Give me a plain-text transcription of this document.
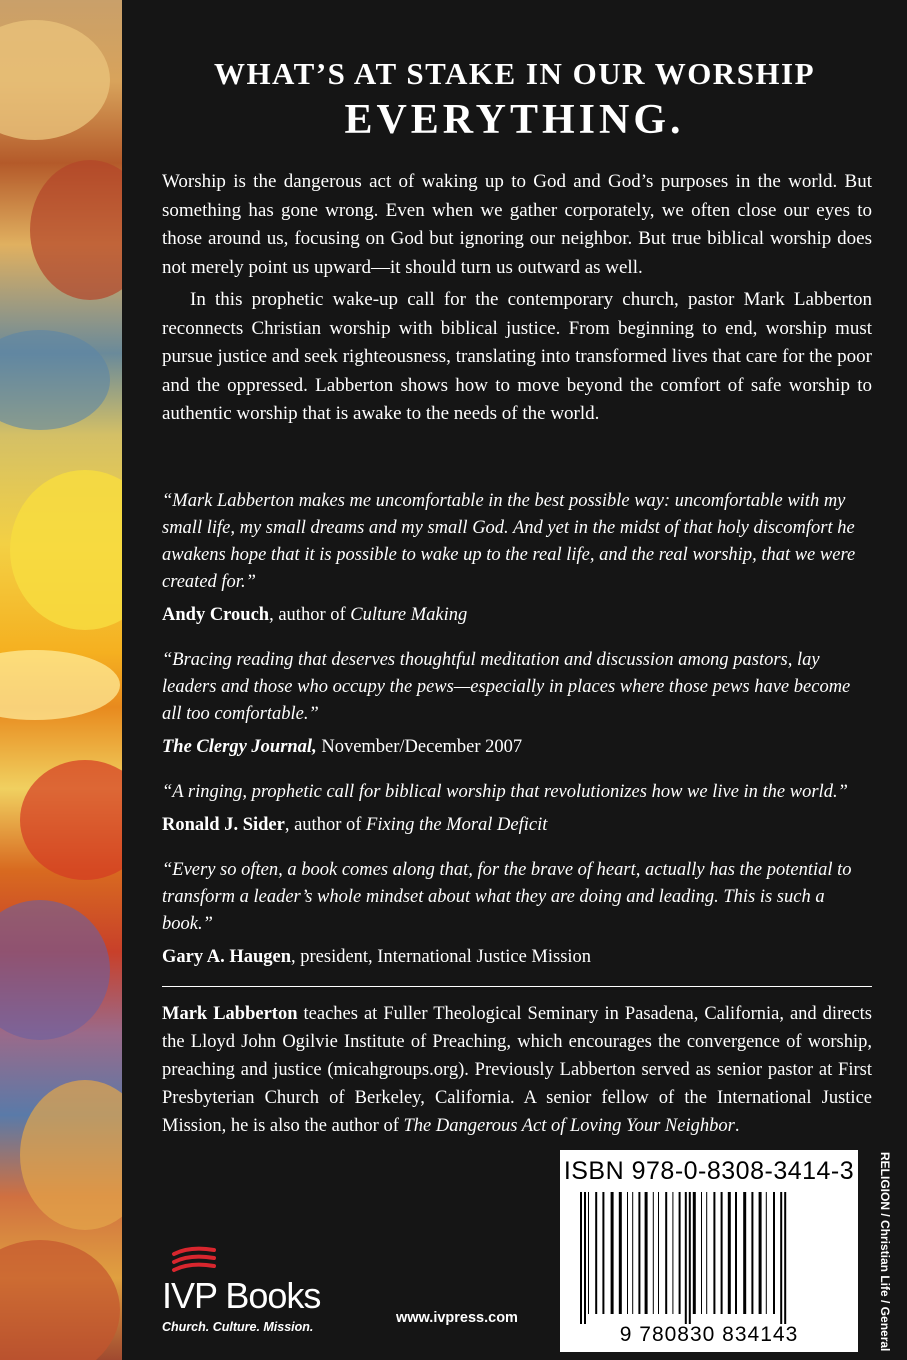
WHAT’S AT STAKE IN OUR WORSHIP
EVERYTHING.

Worship is the dangerous act of waking up to God and God’s purposes in the world. But something has gone wrong. Even when we gather corporately, we often close our eyes to those around us, focusing on God but ignoring our neighbor. But true biblical worship does not merely point us upward—it should turn us outward as well.

In this prophetic wake-up call for the contemporary church, pastor Mark Labberton reconnects Christian worship with biblical justice. From beginning to end, worship must pursue justice and seek righteousness, translating into transformed lives that care for the poor and the oppressed. Labberton shows how to move beyond the comfort of safe worship to authentic worship that is awake to the needs of the world.

“Mark Labberton makes me uncomfortable in the best possible way: uncomfortable with my small life, my small dreams and my small God. And yet in the midst of that holy discomfort he awakens hope that it is possible to wake up to the real life, and the real worship, that we were created for.”

Andy Crouch, author of Culture Making

“Bracing reading that deserves thoughtful meditation and discussion among pastors, lay leaders and those who occupy the pews—especially in places where those pews have become all too comfortable.”

The Clergy Journal, November/December 2007

“A ringing, prophetic call for biblical worship that revolutionizes how we live in the world.”

Ronald J. Sider, author of Fixing the Moral Deficit

“Every so often, a book comes along that, for the brave of heart, actually has the potential to transform a leader’s whole mindset about what they are doing and leading. This is such a book.”

Gary A. Haugen, president, International Justice Mission

Mark Labberton teaches at Fuller Theological Seminary in Pasadena, California, and directs the Lloyd John Ogilvie Institute of Preaching, which encourages the convergence of worship, preaching and justice (micahgroups.org). Previously Labberton served as senior pastor at First Presbyterian Church of Berkeley, California. A senior fellow of the International Justice Mission, he is also the author of The Dangerous Act of Loving Your Neighbor.

IVP Books
Church. Culture. Mission.
www.ivpress.com
ISBN 978-0-8308-3414-3
9 780830 834143	RELIGION / Christian Life / General
